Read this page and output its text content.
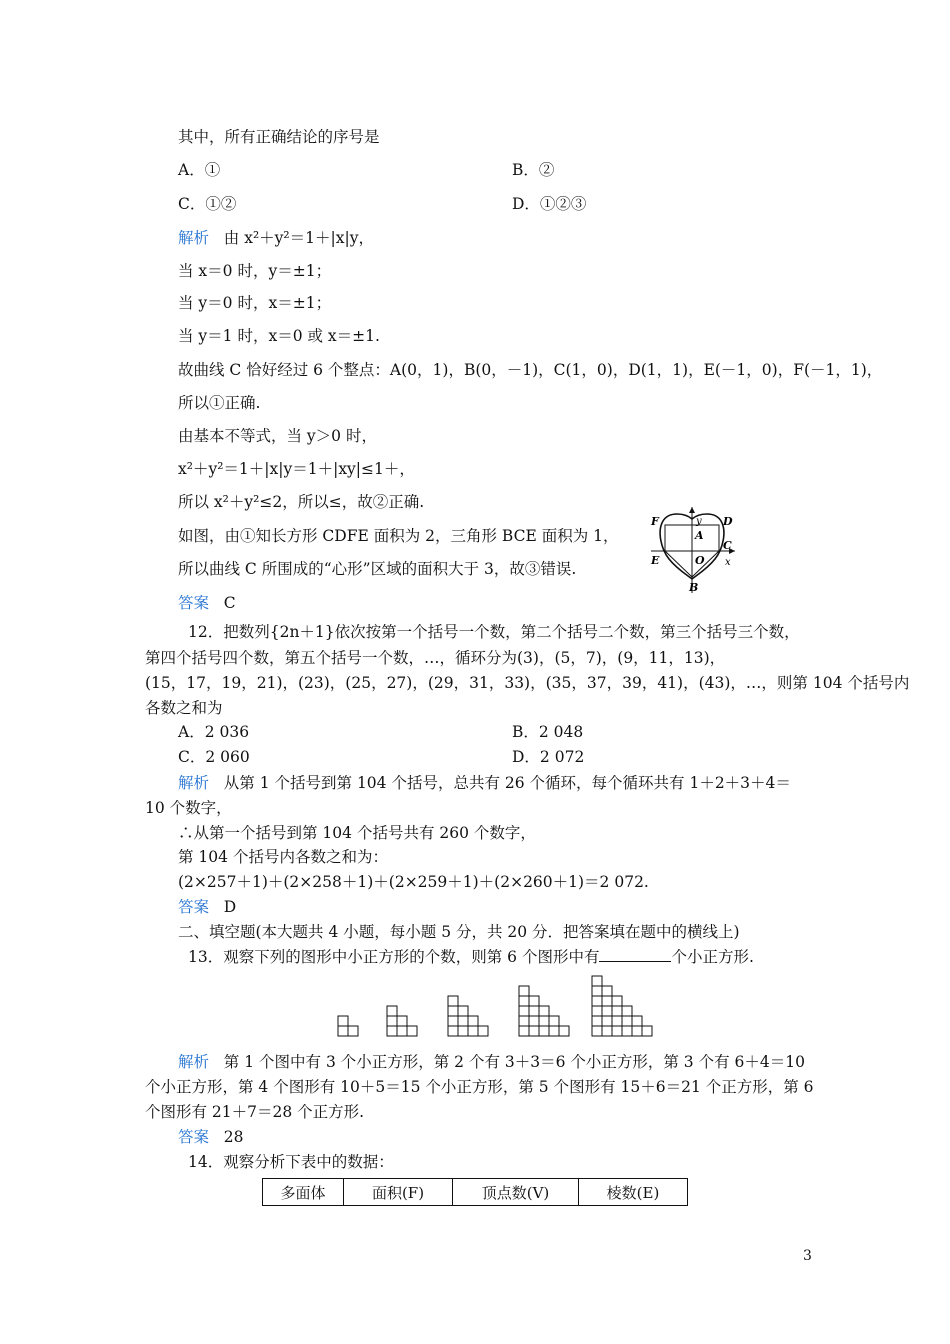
其中，所有正确结论的序号是
A．①	B．②
C．①②	D．①②③
解析 由 x²＋y²＝1＋|x|y，
当 x＝0 时，y＝±1；
当 y＝0 时，x＝±1；
当 y＝1 时，x＝0 或 x＝±1.
故曲线 C 恰好经过 6 个整点：A(0，1)，B(0，－1)，C(1，0)，D(1，1)，E(－1，0)，F(－1，1)，
所以①正确.
由基本不等式，当 y＞0 时，
x²＋y²＝1＋|x|y＝1＋|xy|≤1＋，
所以 x²＋y²≤2，所以≤，故②正确.
如图，由①知长方形 CDFE 面积为 2，三角形 BCE 面积为 1，
所以曲线 C 所围成的“心形”区域的面积大于 3，故③错误.
F	D
y
A
C
E	O x
B
答案 C
12．把数列{2n＋1}依次按第一个括号一个数，第二个括号二个数，第三个括号三个数，
第四个括号四个数，第五个括号一个数，…，循环分为(3)，(5，7)，(9，11，13)，
(15，17，19，21)，(23)，(25，27)，(29，31，33)，(35，37，39，41)，(43)，…，则第 104 个括号内
各数之和为
A．2 036	B．2 048
C．2 060	D．2 072
解析 从第 1 个括号到第 104 个括号，总共有 26 个循环，每个循环共有 1＋2＋3＋4＝
10 个数字，
∴从第一个括号到第 104 个括号共有 260 个数字，
第 104 个括号内各数之和为：
(2×257＋1)＋(2×258＋1)＋(2×259＋1)＋(2×260＋1)＝2 072.
答案 D
二、填空题(本大题共 4 小题，每小题 5 分，共 20 分．把答案填在题中的横线上)
13．观察下列的图形中小正方形的个数，则第 6 个图形中有	个小正方形.
解析 第 1 个图中有 3 个小正方形，第 2 个有 3＋3＝6 个小正方形，第 3 个有 6＋4＝10
个小正方形，第 4 个图形有 10＋5＝15 个小正方形，第 5 个图形有 15＋6＝21 个正方形，第 6
个图形有 21＋7＝28 个正方形.
答案 28
14．观察分析下表中的数据：
多面体	面积(F)	顶点数(V)	棱数(E)
3
